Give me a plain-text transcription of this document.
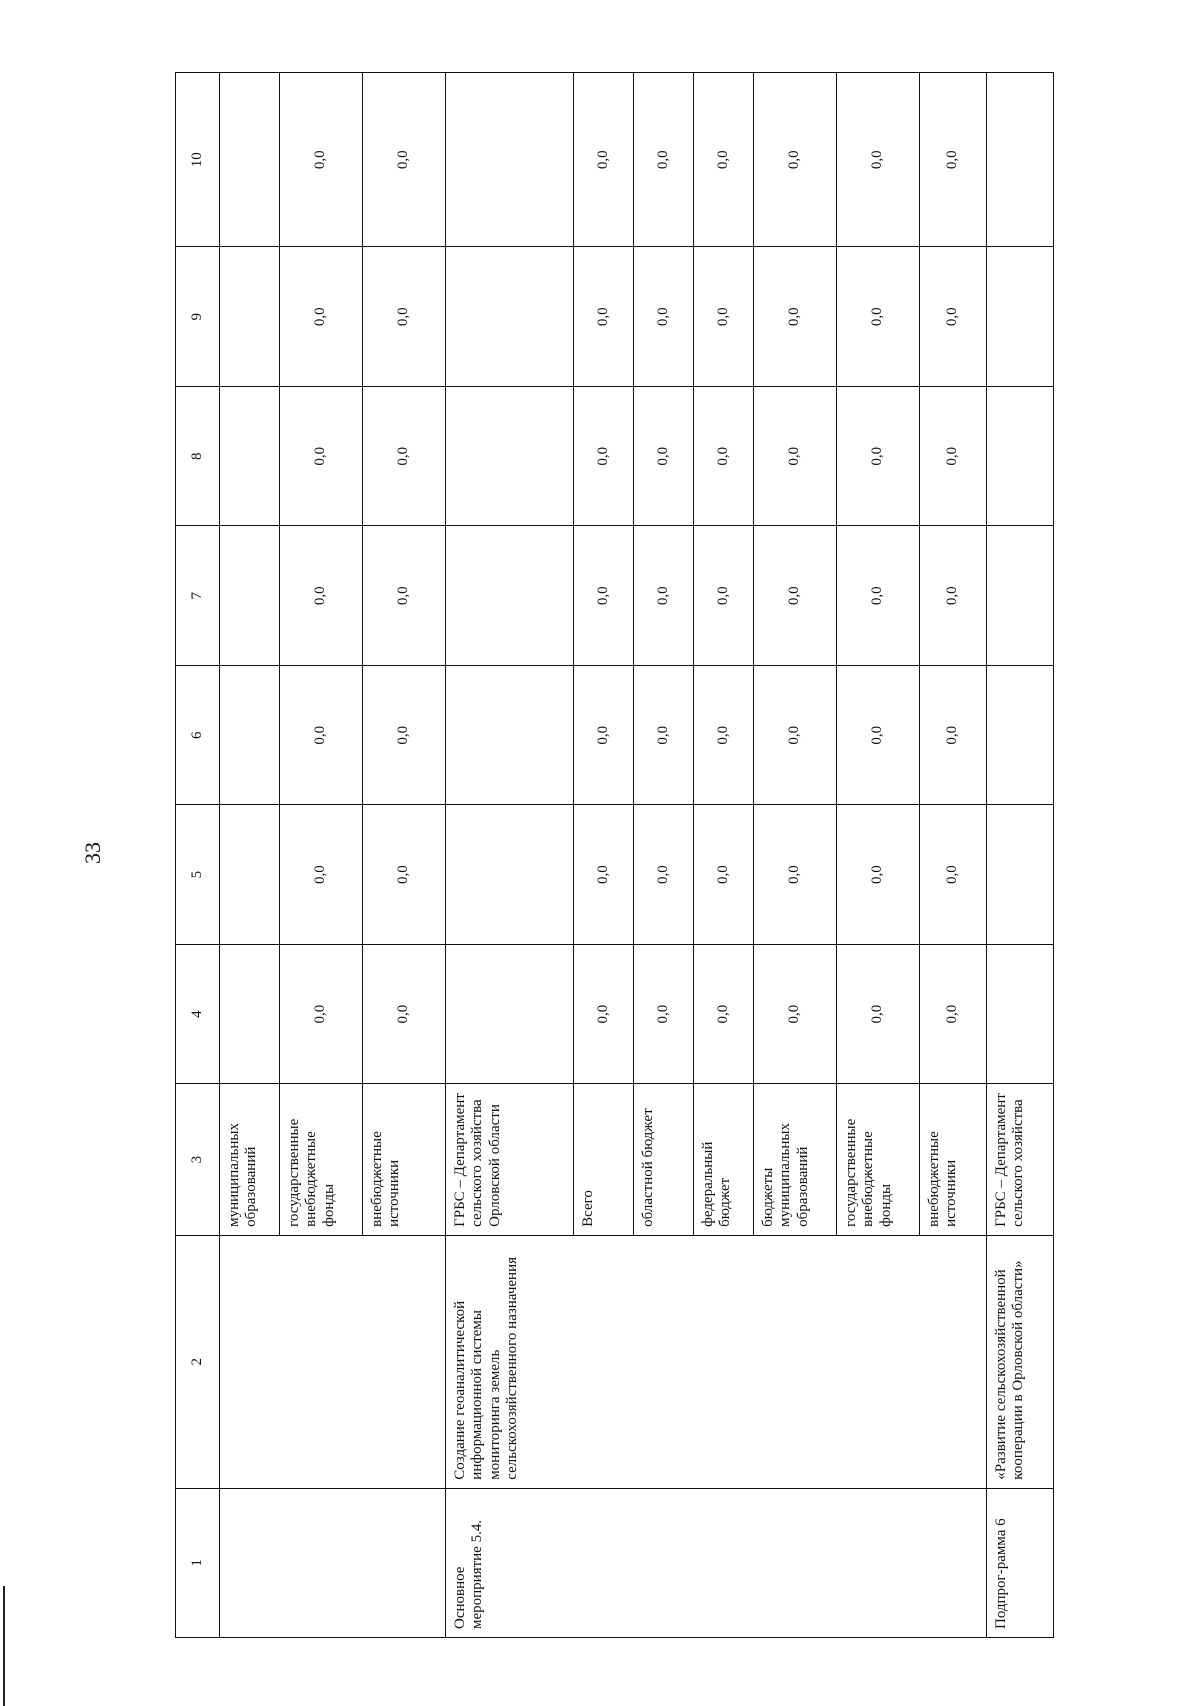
33
1	2	3	4	5	6	7	8	9	10
		муниципальных образований							
		государственные внебюджетные фонды	0,0	0,0	0,0	0,0	0,0	0,0	0,0
		внебюджетные источники	0,0	0,0	0,0	0,0	0,0	0,0	0,0
Основное мероприятие 5.4.	Создание геоаналитической информационной системы мониторинга земель сельскохозяйственного назначения	ГРБС – Департамент сельского хозяйства Орловской области							
		Всего	0,0	0,0	0,0	0,0	0,0	0,0	0,0
		областной бюджет	0,0	0,0	0,0	0,0	0,0	0,0	0,0
		федеральный бюджет	0,0	0,0	0,0	0,0	0,0	0,0	0,0
		бюджеты муниципальных образований	0,0	0,0	0,0	0,0	0,0	0,0	0,0
		государственные внебюджетные фонды	0,0	0,0	0,0	0,0	0,0	0,0	0,0
		внебюджетные источники	0,0	0,0	0,0	0,0	0,0	0,0	0,0
Подпрог-рамма 6	«Развитие сельскохозяйственной кооперации в Орловской области»	ГРБС – Департамент сельского хозяйства							
